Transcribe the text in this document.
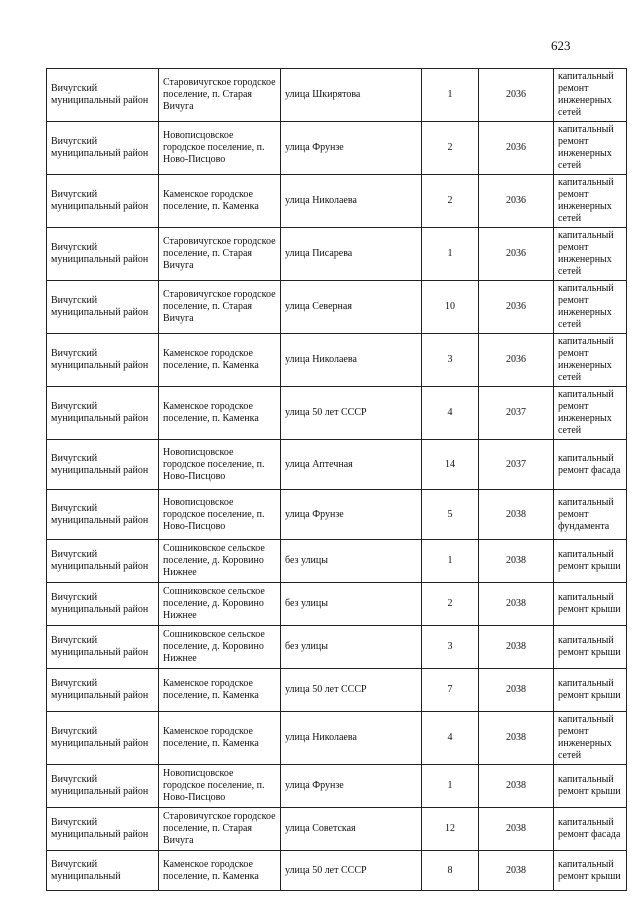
623
Вичугский муниципальный район	Старовичугское городское поселение, п. Старая Вичуга	улица Шкирятова	1	2036	капитальный ремонт инженерных сетей
Вичугский муниципальный район	Новописцовское городское поселение, п. Ново-Писцово	улица Фрунзе	2	2036	капитальный ремонт инженерных сетей
Вичугский муниципальный район	Каменское городское поселение, п. Каменка	улица Николаева	2	2036	капитальный ремонт инженерных сетей
Вичугский муниципальный район	Старовичугское городское поселение, п. Старая Вичуга	улица Писарева	1	2036	капитальный ремонт инженерных сетей
Вичугский муниципальный район	Старовичугское городское поселение, п. Старая Вичуга	улица Северная	10	2036	капитальный ремонт инженерных сетей
Вичугский муниципальный район	Каменское городское поселение, п. Каменка	улица Николаева	3	2036	капитальный ремонт инженерных сетей
Вичугский муниципальный район	Каменское городское поселение, п. Каменка	улица 50 лет СССР	4	2037	капитальный ремонт инженерных сетей
Вичугский муниципальный район	Новописцовское городское поселение, п. Ново-Писцово	улица Аптечная	14	2037	капитальный ремонт фасада
Вичугский муниципальный район	Новописцовское городское поселение, п. Ново-Писцово	улица Фрунзе	5	2038	капитальный ремонт фундамента
Вичугский муниципальный район	Сошниковское сельское поселение, д. Коровино Нижнее	без улицы	1	2038	капитальный ремонт крыши
Вичугский муниципальный район	Сошниковское сельское поселение, д. Коровино Нижнее	без улицы	2	2038	капитальный ремонт крыши
Вичугский муниципальный район	Сошниковское сельское поселение, д. Коровино Нижнее	без улицы	3	2038	капитальный ремонт крыши
Вичугский муниципальный район	Каменское городское поселение, п. Каменка	улица 50 лет СССР	7	2038	капитальный ремонт крыши
Вичугский муниципальный район	Каменское городское поселение, п. Каменка	улица Николаева	4	2038	капитальный ремонт инженерных сетей
Вичугский муниципальный район	Новописцовское городское поселение, п. Ново-Писцово	улица Фрунзе	1	2038	капитальный ремонт крыши
Вичугский муниципальный район	Старовичугское городское поселение, п. Старая Вичуга	улица Советская	12	2038	капитальный ремонт фасада
Вичугский муниципальный	Каменское городское поселение, п. Каменка	улица 50 лет СССР	8	2038	капитальный ремонт крыши
